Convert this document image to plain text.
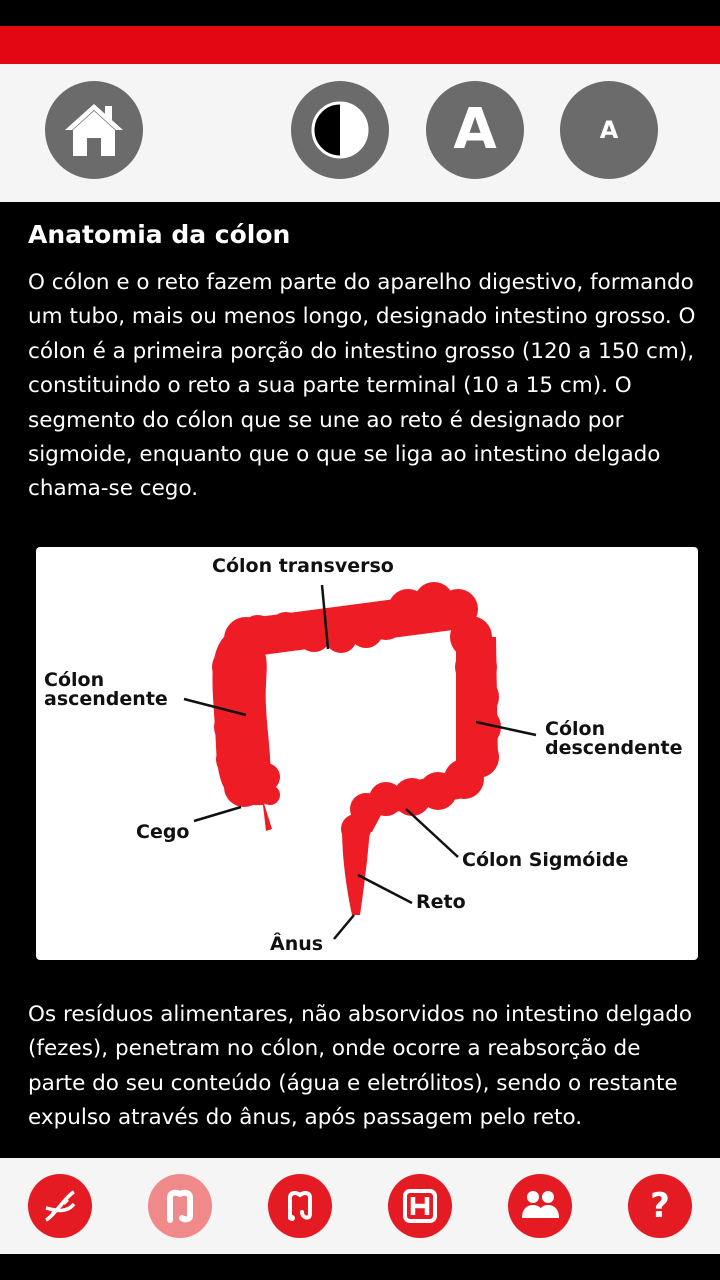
A	A
Anatomia da cólon

O cólon e o reto fazem parte do aparelho digestivo, formando um tubo, mais ou menos longo, designado intestino grosso. O cólon é a primeira porção do intestino grosso (120 a 150 cm), constituindo o reto a sua parte terminal (10 a 15 cm). O segmento do cólon que se une ao reto é designado por sigmoide, enquanto que o que se liga ao intestino delgado chama-se cego.

Cólon transverso
Cólon
ascendente
Cólon
descendente
Cego
Cólon Sigmóide
Reto
Ânus

Os resíduos alimentares, não absorvidos no intestino delgado (fezes), penetram no cólon, onde ocorre a reabsorção de parte do seu conteúdo (água e eletrólitos), sendo o restante expulso através do ânus, após passagem pelo reto.

?
